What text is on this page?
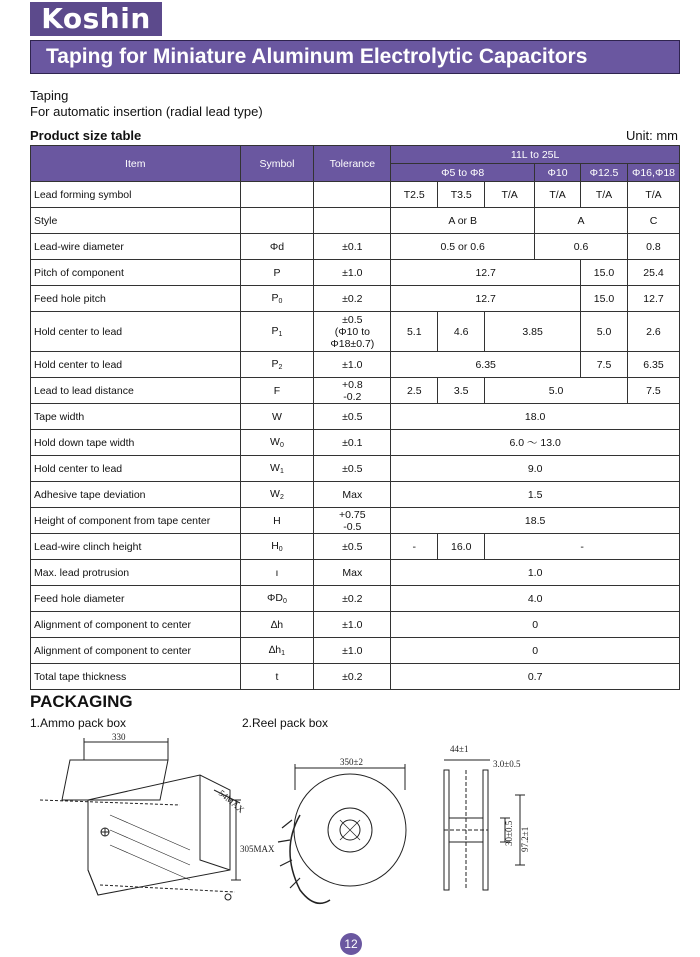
Koshin
Taping for Miniature Aluminum Electrolytic Capacitors
Taping
For automatic insertion (radial lead type)
Product size table	Unit: mm
Item	Symbol	Tolerance	11L to 25L					
			Φ5 to Φ8			Φ10	Φ12.5	Φ16,Φ18
Lead forming symbol			T2.5	T3.5	T/A	T/A	T/A	T/A
Style			A or B			A		C
Lead-wire diameter	Φd	±0.1	0.5 or 0.6			0.6		0.8
Pitch of component	P	±1.0	12.7				15.0	25.4
Feed hole pitch	$P_0$	±0.2	12.7				15.0	12.7
Hold center to lead	$P_1$	±0.5
(Φ10 to
Φ18±0.7)	5.1	4.6	3.85		5.0	2.6
Hold center to lead	$P_2$	±1.0	6.35				7.5	6.35
Lead to lead distance	F	+0.8
-0.2	2.5	3.5	5.0			7.5
Tape width	W	±0.5	18.0					
Hold down tape width	$W_0$	±0.1	6.0 ～ 13.0					
Hold center to lead	$W_1$	±0.5	9.0					
Adhesive tape deviation	$W_2$	Max	1.5					
Height of component from tape center	H	+0.75
-0.5	18.5					
Lead-wire clinch height	$H_0$	±0.5	-	16.0	-			
Max. lead protrusion	ı	Max	1.0					
Feed hole diameter	$\Phi D_0$	±0.2	4.0					
Alignment of component to center	∆h	±1.0	0					
Alignment of component to center	$\Delta h_1$	±1.0	0					
Total tape thickness	t	±0.2	0.7					
PACKAGING
1.Ammo pack box	2.Reel pack box
330
54MAX
305MAX
350±2
44±1
3.0±0.5
30±0.5 97.2±1
12
